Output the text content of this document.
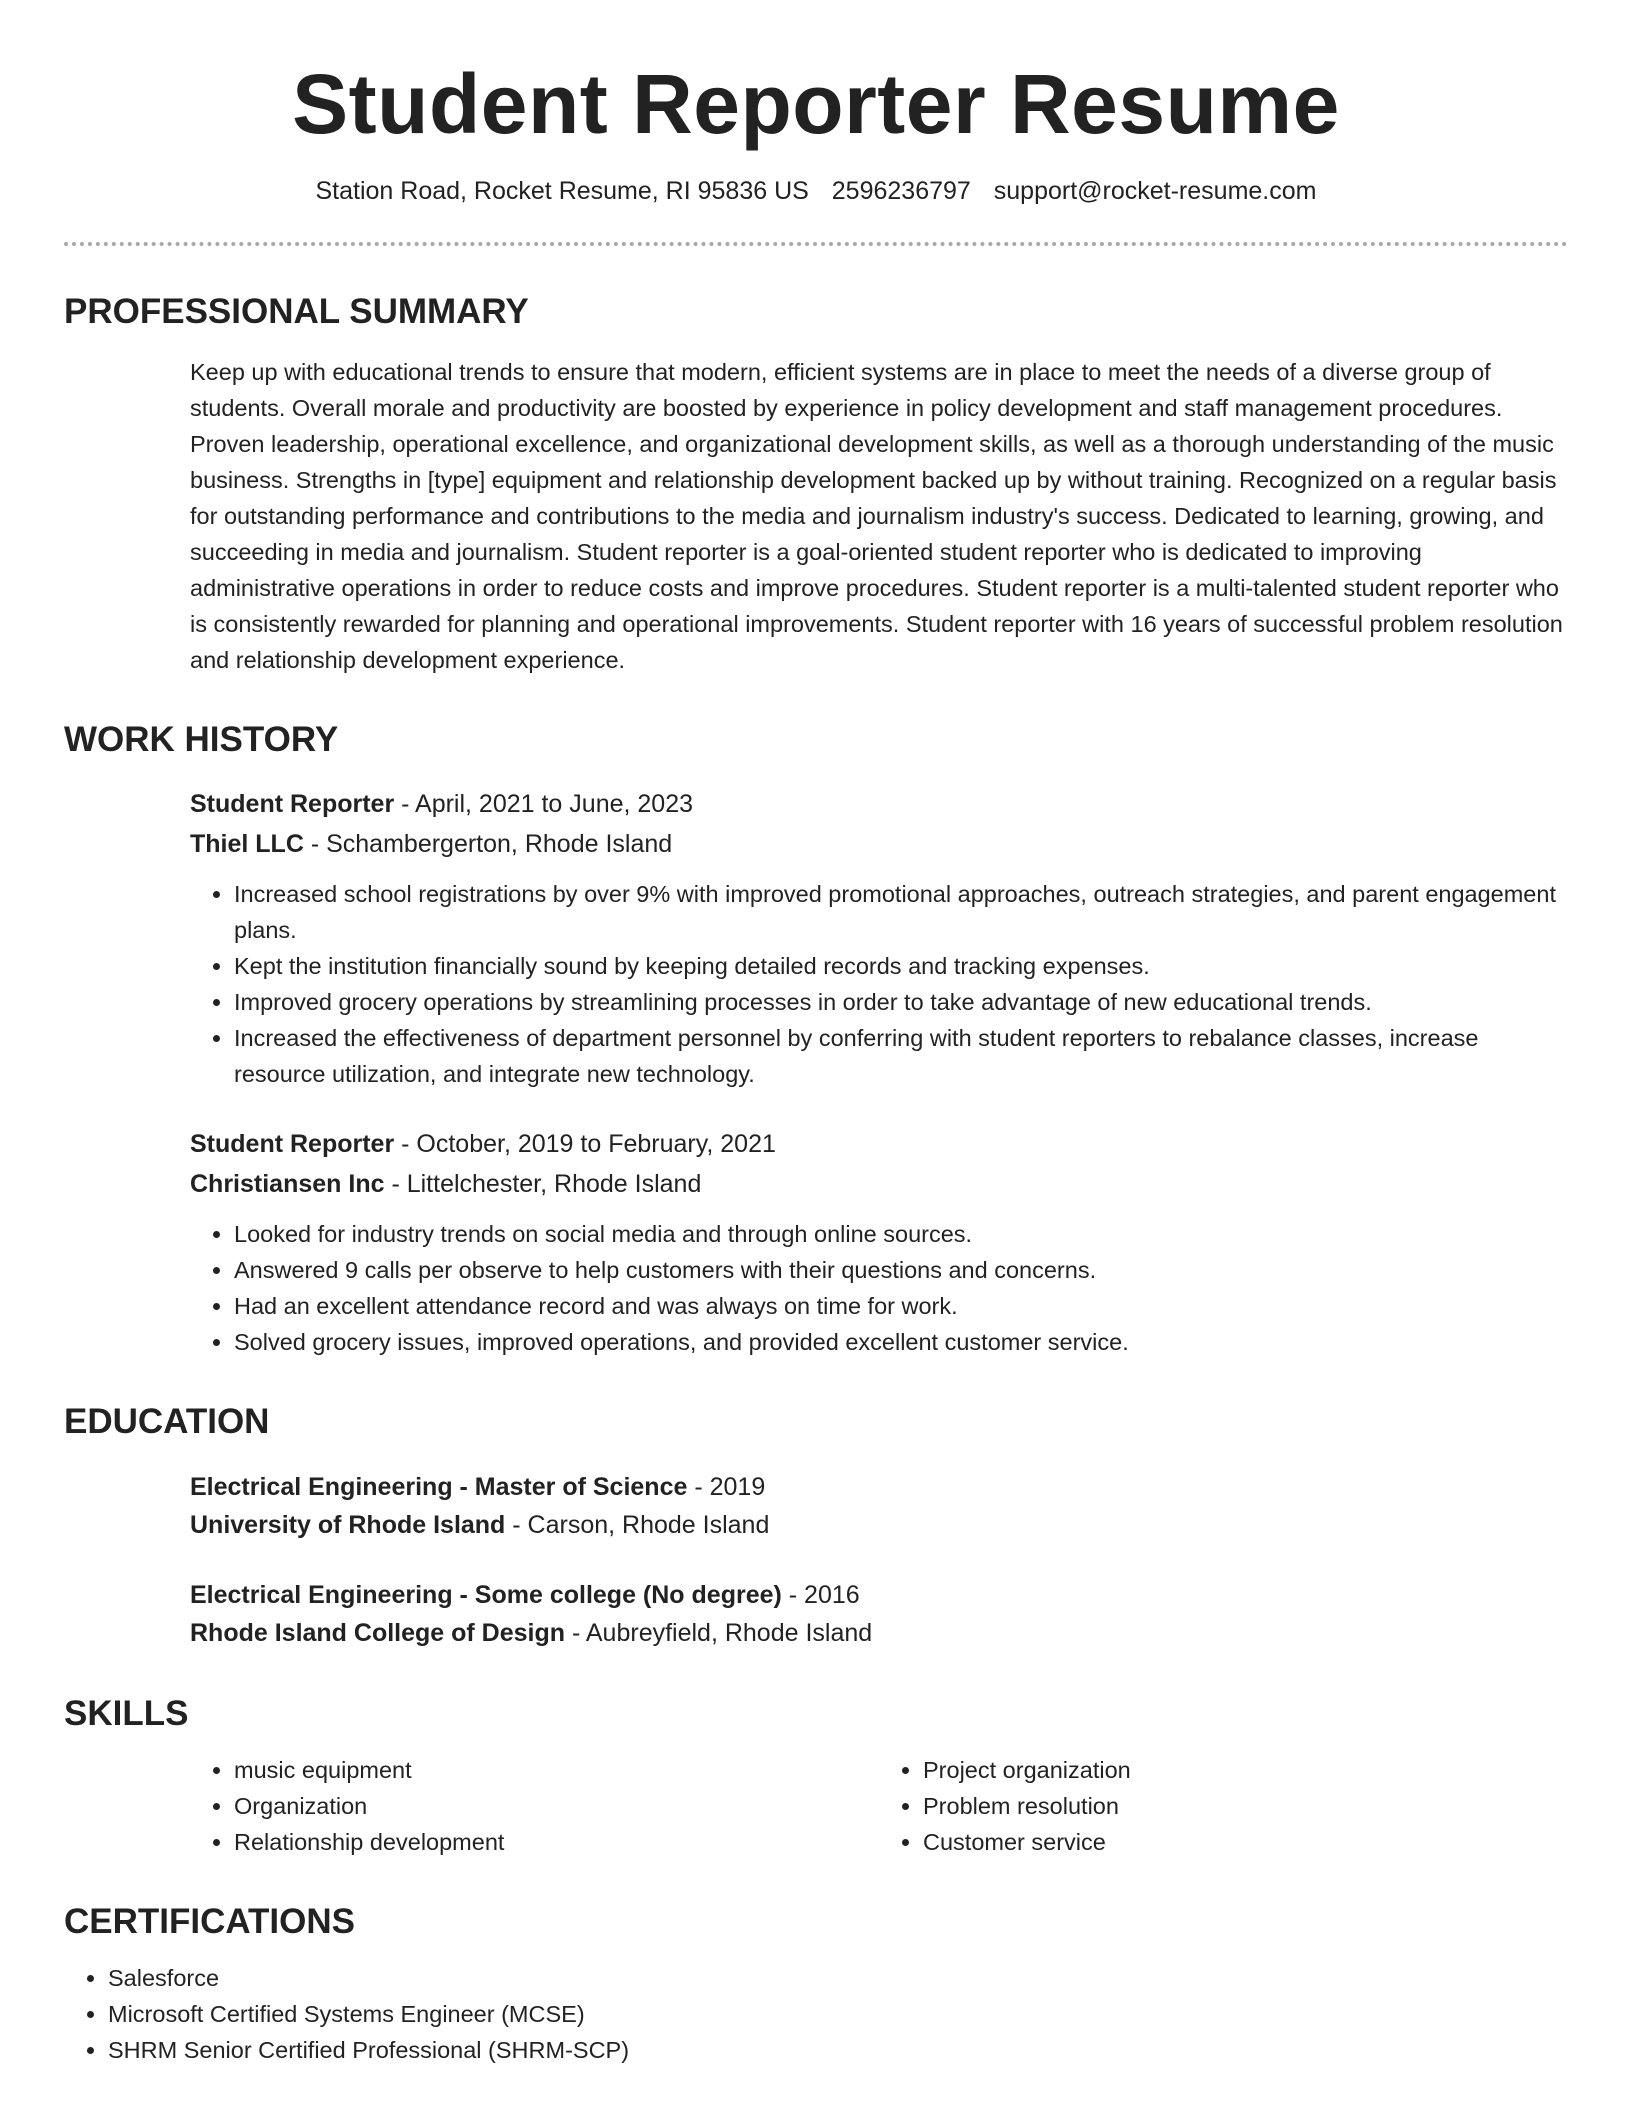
Student Reporter Resume
Station Road, Rocket Resume, RI 95836 US 2596236797 support@rocket-resume.com
PROFESSIONAL SUMMARY

Keep up with educational trends to ensure that modern, efficient systems are in place to meet the needs of a diverse group of students. Overall morale and productivity are boosted by experience in policy development and staff management procedures. Proven leadership, operational excellence, and organizational development skills, as well as a thorough understanding of the music business. Strengths in [type] equipment and relationship development backed up by without training. Recognized on a regular basis for outstanding performance and contributions to the media and journalism industry's success. Dedicated to learning, growing, and succeeding in media and journalism. Student reporter is a goal-oriented student reporter who is dedicated to improving administrative operations in order to reduce costs and improve procedures. Student reporter is a multi-talented student reporter who is consistently rewarded for planning and operational improvements. Student reporter with 16 years of successful problem resolution and relationship development experience.

WORK HISTORY
Student Reporter - April, 2021 to June, 2023
Thiel LLC - Schambergerton, Rhode Island
• Increased school registrations by over 9% with improved promotional approaches, outreach strategies, and parent engagement plans.
• Kept the institution financially sound by keeping detailed records and tracking expenses.
• Improved grocery operations by streamlining processes in order to take advantage of new educational trends.
• Increased the effectiveness of department personnel by conferring with student reporters to rebalance classes, increase resource utilization, and integrate new technology.
Student Reporter - October, 2019 to February, 2021
Christiansen Inc - Littelchester, Rhode Island
• Looked for industry trends on social media and through online sources.
• Answered 9 calls per observe to help customers with their questions and concerns.
• Had an excellent attendance record and was always on time for work.
• Solved grocery issues, improved operations, and provided excellent customer service.
EDUCATION
Electrical Engineering - Master of Science - 2019
University of Rhode Island - Carson, Rhode Island
Electrical Engineering - Some college (No degree) - 2016
Rhode Island College of Design - Aubreyfield, Rhode Island
SKILLS
• music equipment
• Organization
• Relationship development
• Project organization
• Problem resolution
• Customer service
CERTIFICATIONS
• Salesforce
• Microsoft Certified Systems Engineer (MCSE)
• SHRM Senior Certified Professional (SHRM-SCP)
